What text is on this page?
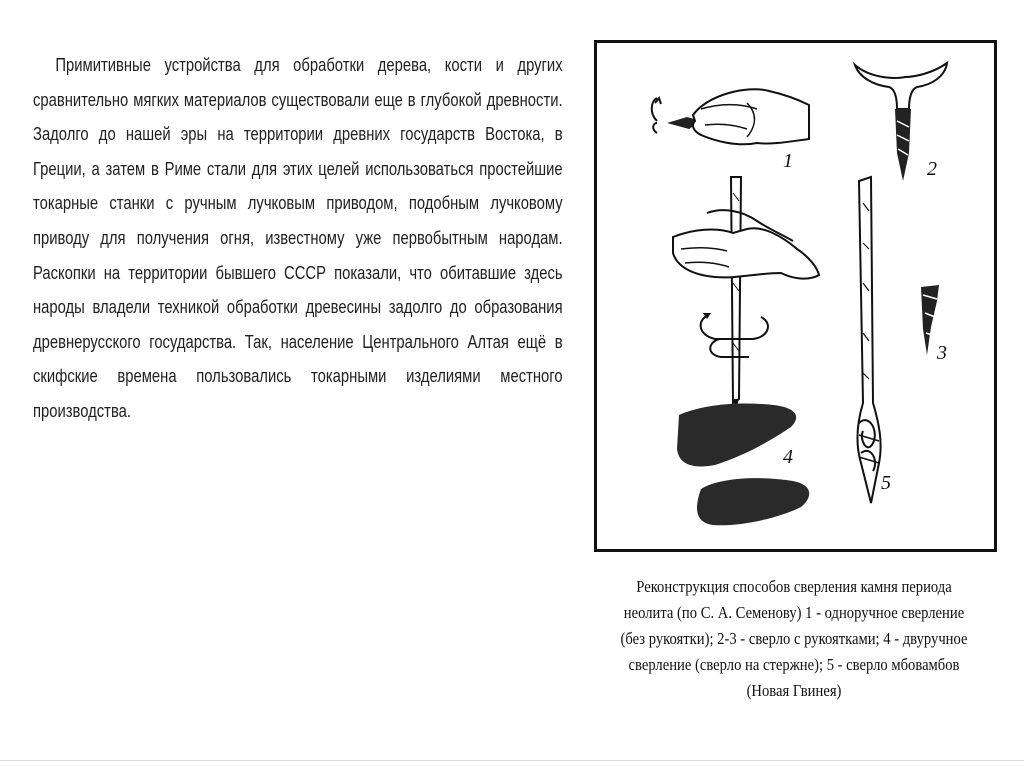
Примитивные устройства для обработки дерева, кости и других сравнительно мягких материалов существовали еще в глубокой древности. Задолго до нашей эры на территории древних государств Востока, в Греции, а затем в Риме стали для этих целей использоваться простейшие токарные станки с ручным лучковым приводом, подобным лучковому приводу для получения огня, известному уже первобытным народам. Раскопки на территории бывшего СССР показали, что обитавшие здесь народы владели техникой обработки древесины задолго до образования древнерусского государства. Так, население Центрального Алтая ещё в скифские времена пользовались токарными изделиями местного производства.
1	2
4
3
5
Реконструкция способов сверления камня периода неолита (по С. А. Семенову) 1 - одноручное сверление (без рукоятки); 2-3 - сверло с рукоятками; 4 - двуручное сверление (сверло на стержне); 5 - сверло мбовамбов (Новая Гвинея)
